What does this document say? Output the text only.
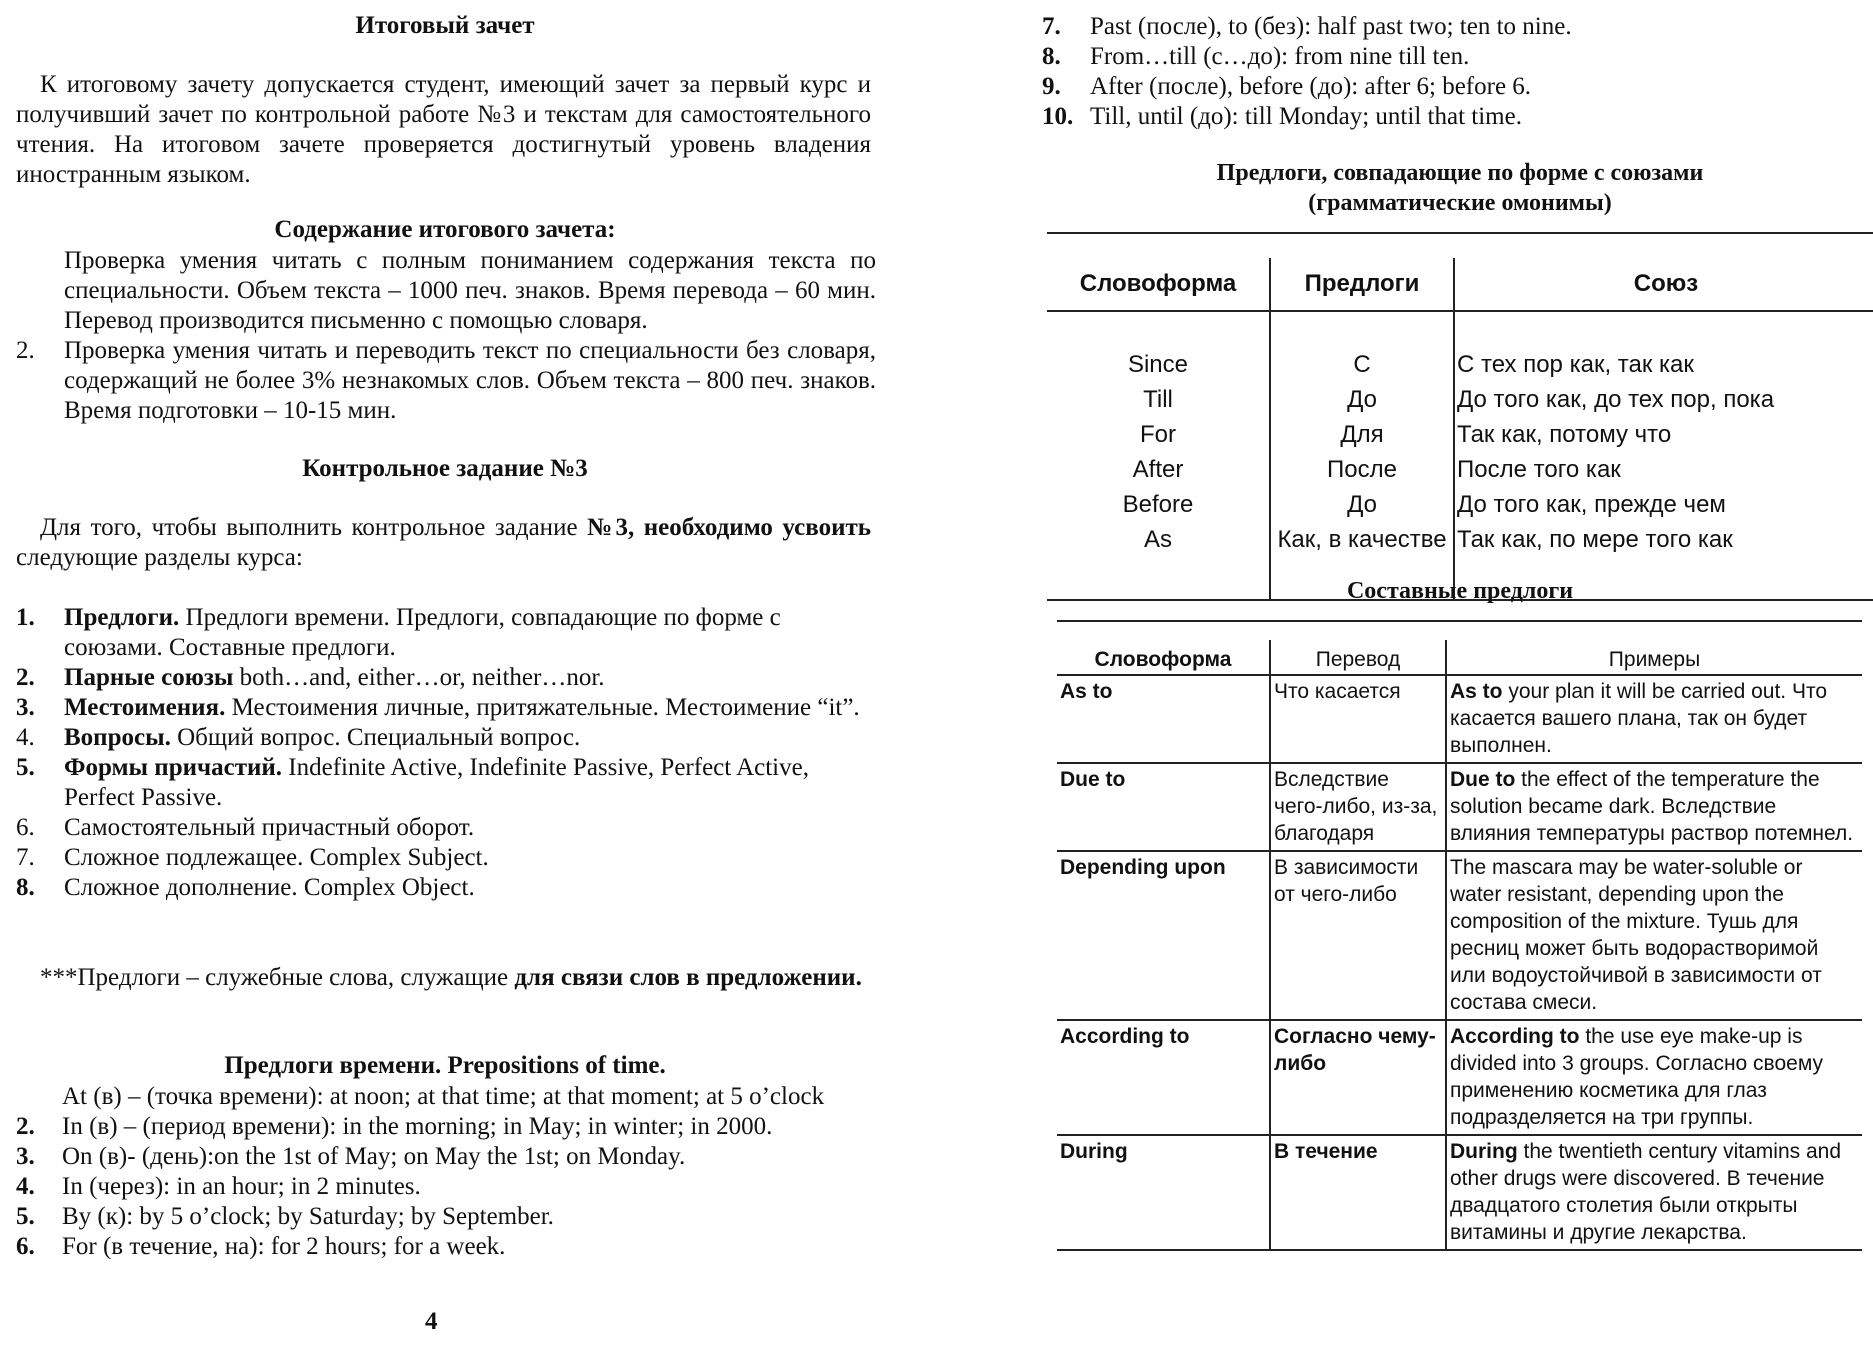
Итоговый зачет

К итоговому зачету допускается студент, имеющий зачет за первый курс и получивший зачет по контрольной работе №3 и текстам для самостоятельного чтения. На итоговом зачете проверяется достигнутый уровень владения иностранным языком.

Содержание итогового зачета:
Проверка умения читать с полным пониманием содержания текста по специальности. Объем текста – 1000 печ. знаков. Время перевода – 60 мин. Перевод производится письменно с помощью словаря.
2.	Проверка умения читать и переводить текст по специальности без словаря, содержащий не более 3% незнакомых слов. Объем текста – 800 печ. знаков. Время подготовки – 10-15 мин.
Контрольное задание №3

Для того, чтобы выполнить контрольное задание №3, необходимо усвоить следующие разделы курса:

1.	Предлоги. Предлоги времени. Предлоги, совпадающие по форме с союзами. Составные предлоги.
2.	Парные союзы both…and, either…or, neither…nor.
3.	Местоимения. Местоимения личные, притяжательные. Местоимение “it”.
4.	Вопросы. Общий вопрос. Специальный вопрос.
5.	Формы причастий. Indefinite Active, Indefinite Passive, Perfect Active, Perfect Passive.
6.	Самостоятельный причастный оборот.
7.	Сложное подлежащее. Complex Subject.
8.	Сложное дополнение. Complex Object.

***Предлоги – служебные слова, служащие для связи слов в предложении.

Предлоги времени. Prepositions of time.
At (в) – (точка времени): at noon; at that time; at that moment; at 5 o’clock
2.	In (в) – (период времени): in the morning; in May; in winter; in 2000.
3.	On (в)- (день):on the 1st of May; on May the 1st; on Monday.
4.	In (через): in an hour; in 2 minutes.
5.	By (к): by 5 o’clock; by Saturday; by September.
6.	For (в течение, на): for 2 hours; for a week.
4
7.	Past (после), to (без): half past two; ten to nine.
8.	From…till (с…до): from nine till ten.
9.	After (после), before (до): after 6; before 6.
10. Till, until (до): till Monday; until that time.
Предлоги, совпадающие по форме с союзами
(грамматические омонимы)
Словоформа	Предлоги	Союз

Since	С	С тех пор как, так как
Till	До	До того как, до тех пор, пока
For	Для	Так как, потому что
After	После	После того как
Before	До	До того как, прежде чем
As	Как, в качестве	Так как, по мере того как

Составные предлоги
Словоформа	Перевод	Примеры
As to	Что касается	As to your plan it will be carried out. Что касается вашего плана, так он будет выполнен.
Due to	Вследствие чего-либо, из-за, благодаря	Due to the effect of the temperature the solution became dark. Вследствие влияния температуры раствор потемнел.
Depending upon	В зависимости от чего-либо	The mascara may be water-soluble or water resistant, depending upon the composition of the mixture. Тушь для ресниц может быть водорастворимой или водоустойчивой в зависимости от состава смеси.
According to	Согласно чему-либо	According to the use eye make-up is divided into 3 groups. Согласно своему применению косметика для глаз подразделяется на три группы.
During	В течение	During the twentieth century vitamins and other drugs were discovered. В течение двадцатого столетия были открыты витамины и другие лекарства.
